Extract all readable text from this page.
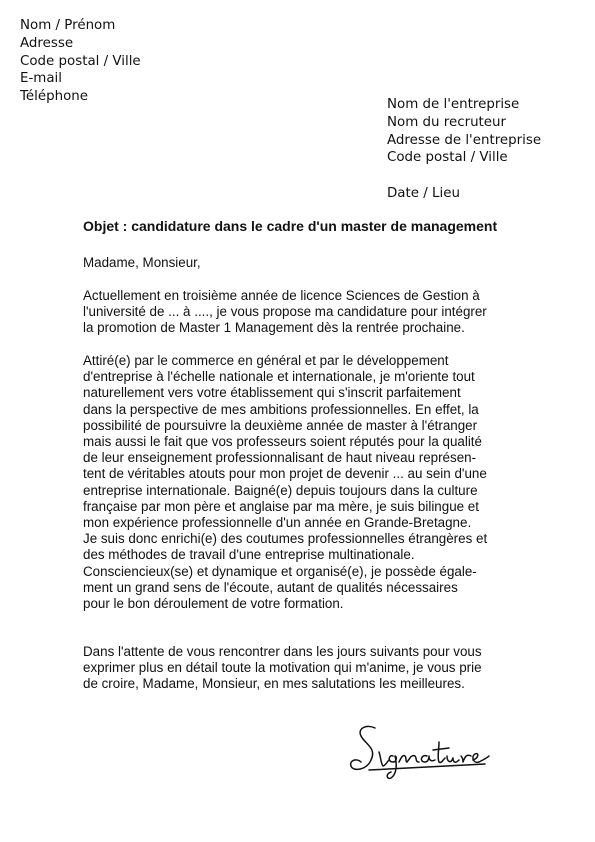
Nom / Prénom
Adresse
Code postal / Ville
E-mail
Téléphone
Nom de l'entreprise
Nom du recruteur
Adresse de l'entreprise
Code postal / Ville
Date / Lieu
Objet : candidature dans le cadre d'un master de management
Madame, Monsieur,
Actuellement en troisième année de licence Sciences de Gestion à
l'université de ... à ...., je vous propose ma candidature pour intégrer
la promotion de Master 1 Management dès la rentrée prochaine.
Attiré(e) par le commerce en général et par le développement
d'entreprise à l'échelle nationale et internationale, je m'oriente tout
naturellement vers votre établissement qui s'inscrit parfaitement
dans la perspective de mes ambitions professionnelles. En effet, la
possibilité de poursuivre la deuxième année de master à l'étranger
mais aussi le fait que vos professeurs soient réputés pour la qualité
de leur enseignement professionnalisant de haut niveau représen-
tent de véritables atouts pour mon projet de devenir ... au sein d'une
entreprise internationale. Baigné(e) depuis toujours dans la culture
française par mon père et anglaise par ma mère, je suis bilingue et
mon expérience professionnelle d'un année en Grande-Bretagne.
Je suis donc enrichi(e) des coutumes professionnelles étrangères et
des méthodes de travail d'une entreprise multinationale.
Consciencieux(se) et dynamique et organisé(e), je possède égale-
ment un grand sens de l'écoute, autant de qualités nécessaires
pour le bon déroulement de votre formation.
Dans l'attente de vous rencontrer dans les jours suivants pour vous
exprimer plus en détail toute la motivation qui m'anime, je vous prie
de croire, Madame, Monsieur, en mes salutations les meilleures.
